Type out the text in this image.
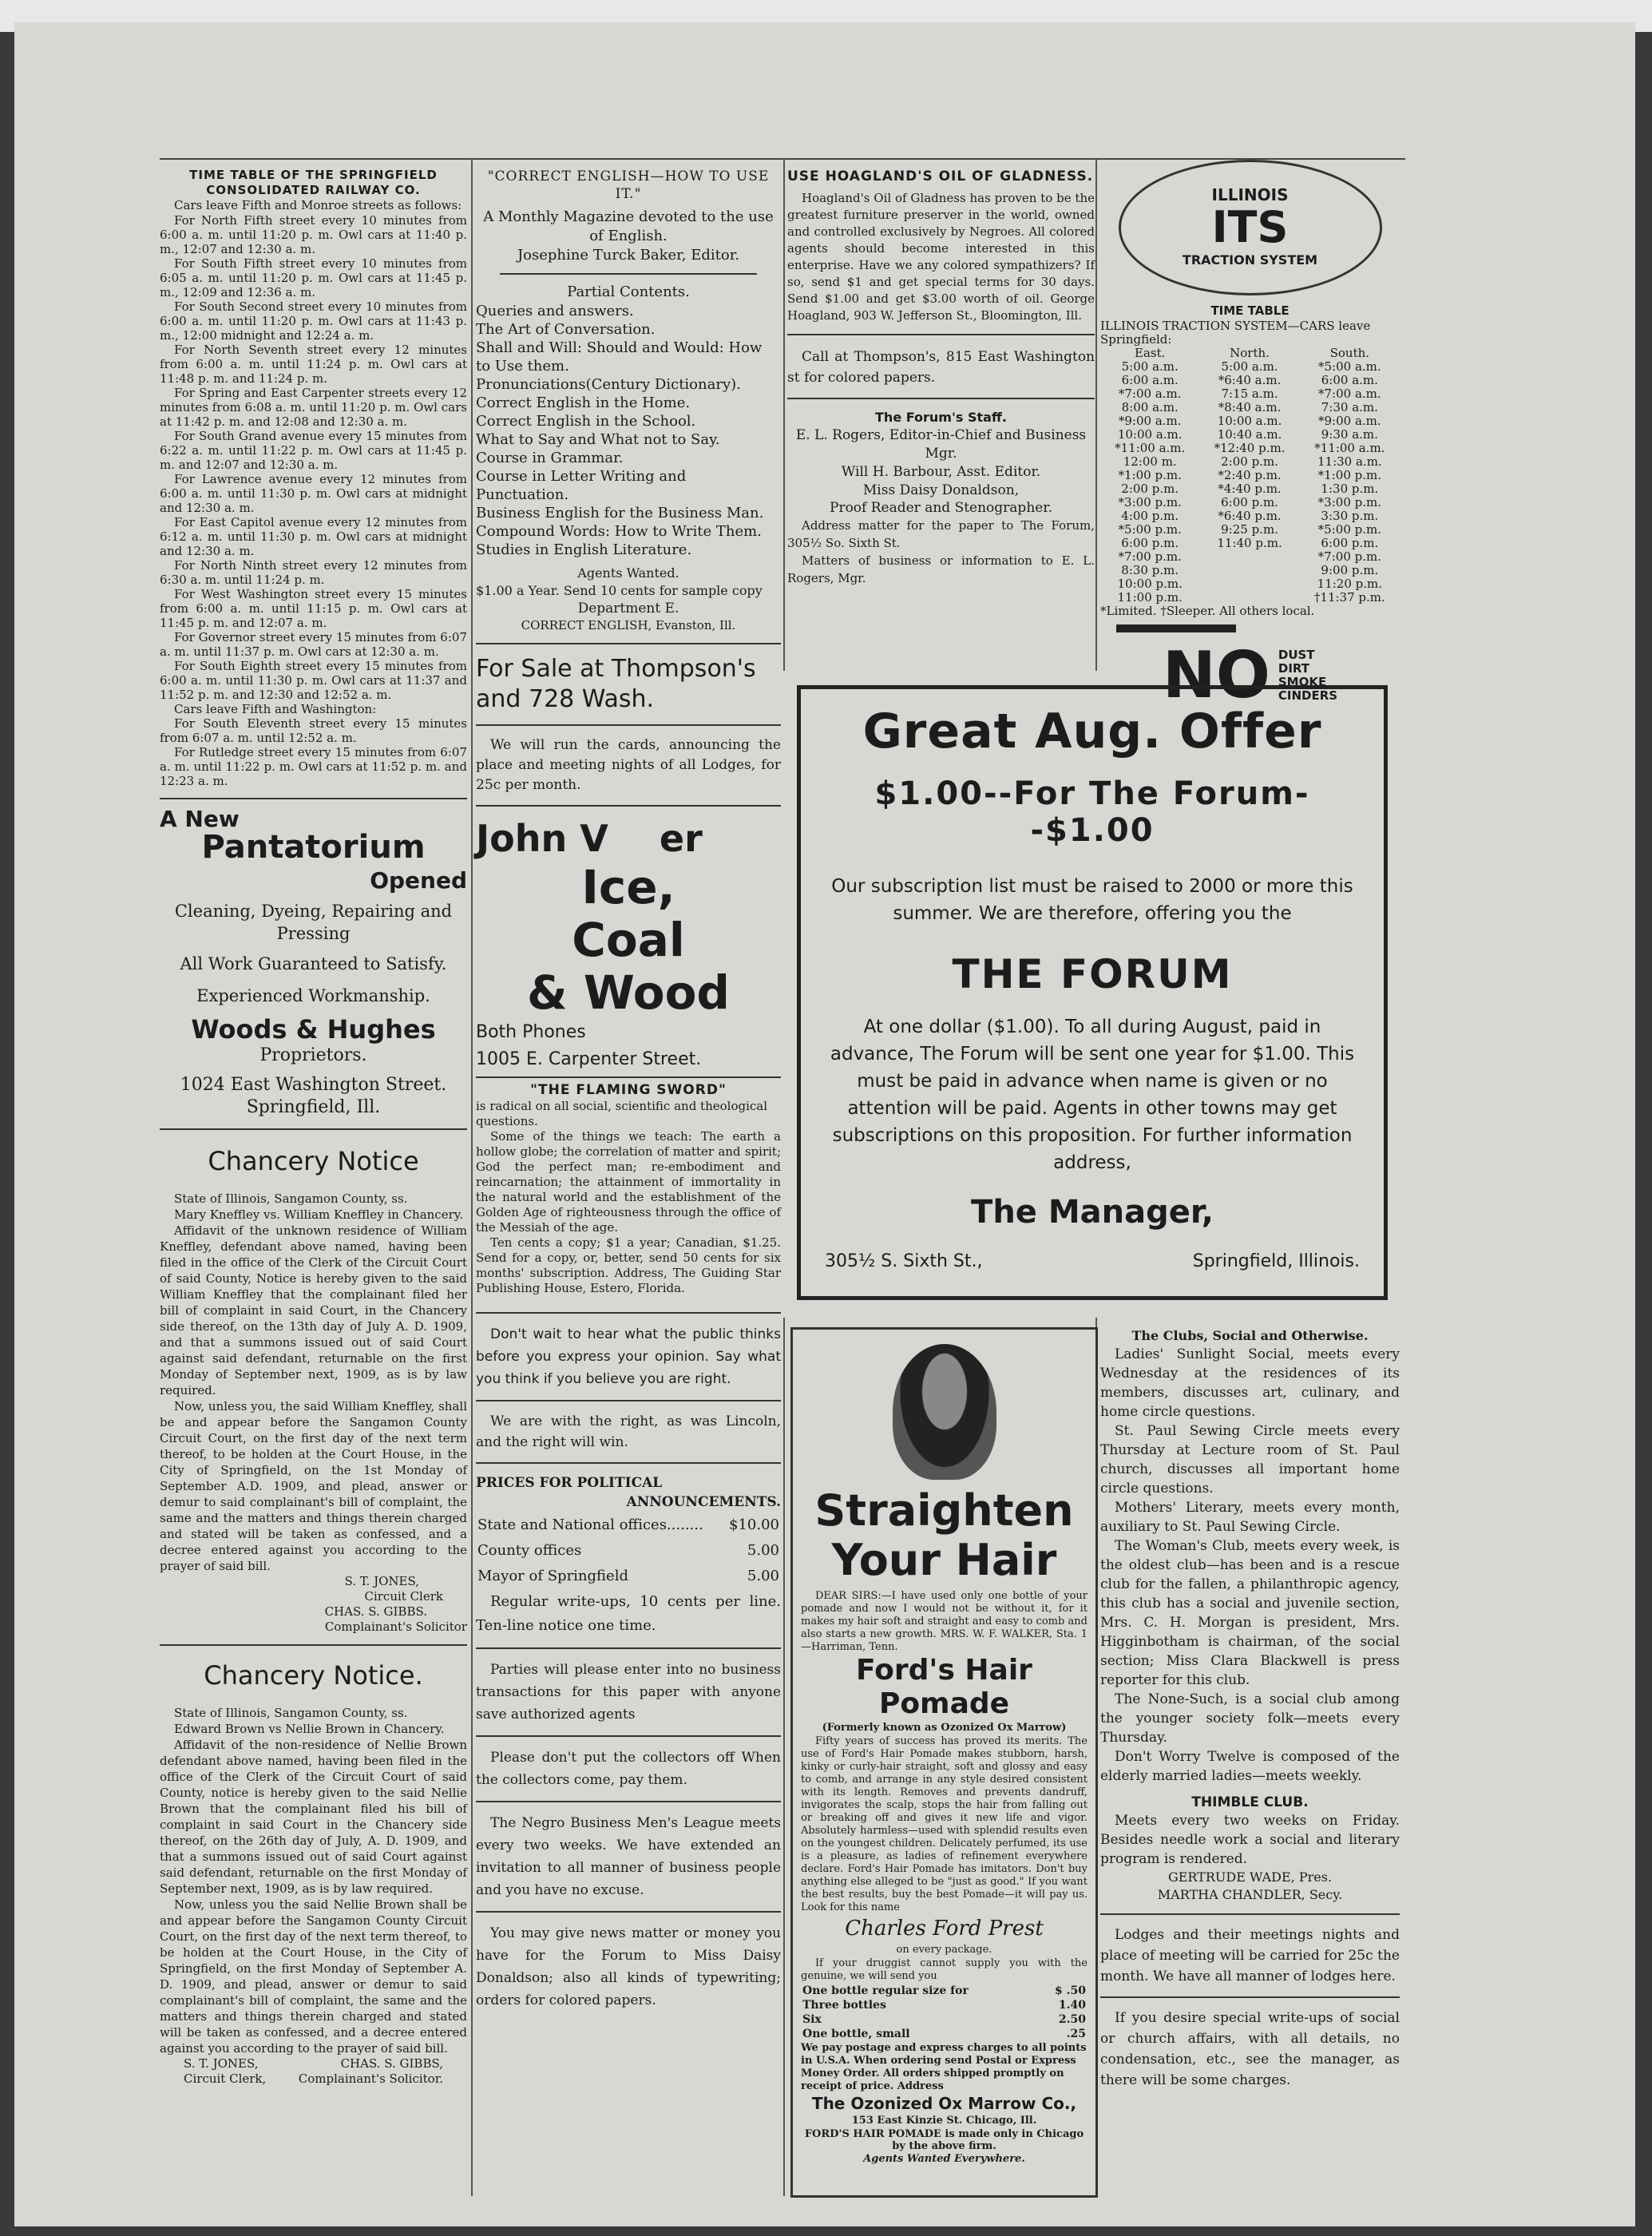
TIME TABLE OF THE SPRINGFIELD CONSOLIDATED RAILWAY CO.
Cars leave Fifth and Monroe streets as follows:
For North Fifth street every 10 minutes from 6:00 a. m. until 11:20 p. m. Owl cars at 11:40 p. m., 12:07 and 12:30 a. m.
For South Fifth street every 10 minutes from 6:05 a. m. until 11:20 p. m. Owl cars at 11:45 p. m., 12:09 and 12:36 a. m.
For South Second street every 10 minutes from 6:00 a. m. until 11:20 p. m. Owl cars at 11:43 p. m., 12:00 midnight and 12:24 a. m.
For North Seventh street every 12 minutes from 6:00 a. m. until 11:24 p. m. Owl cars at 11:48 p. m. and 11:24 p. m.
For Spring and East Carpenter streets every 12 minutes from 6:08 a. m. until 11:20 p. m. Owl cars at 11:42 p. m. and 12:08 and 12:30 a. m.
For South Grand avenue every 15 minutes from 6:22 a. m. until 11:22 p. m. Owl cars at 11:45 p. m. and 12:07 and 12:30 a. m.
For Lawrence avenue every 12 minutes from 6:00 a. m. until 11:30 p. m. Owl cars at midnight and 12:30 a. m.
For East Capitol avenue every 12 minutes from 6:12 a. m. until 11:30 p. m. Owl cars at midnight and 12:30 a. m.
For North Ninth street every 12 minutes from 6:30 a. m. until 11:24 p. m.
For West Washington street every 15 minutes from 6:00 a. m. until 11:15 p. m. Owl cars at 11:45 p. m. and 12:07 a. m.
For Governor street every 15 minutes from 6:07 a. m. until 11:37 p. m. Owl cars at 12:30 a. m.
For South Eighth street every 15 minutes from 6:00 a. m. until 11:30 p. m. Owl cars at 11:37 and 11:52 p. m. and 12:30 and 12:52 a. m.
Cars leave Fifth and Washington:
For South Eleventh street every 15 minutes from 6:07 a. m. until 12:52 a. m.
For Rutledge street every 15 minutes from 6:07 a. m. until 11:22 p. m. Owl cars at 11:52 p. m. and 12:23 a. m.
A New
Pantatorium
Opened
Cleaning, Dyeing, Repairing and Pressing
All Work Guaranteed to Satisfy.
Experienced Workmanship.
Woods & Hughes
Proprietors.
1024 East Washington Street.
Springfield, Ill.
Chancery Notice
State of Illinois, Sangamon County, ss.
Mary Kneffley vs. William Kneffley in Chancery.
Affidavit of the unknown residence of William Kneffley, defendant above named, having been filed in the office of the Clerk of the Circuit Court of said County, Notice is hereby given to the said William Kneffley that the complainant filed her bill of complaint in said Court, in the Chancery side thereof, on the 13th day of July A. D. 1909, and that a summons issued out of said Court against said defendant, returnable on the first Monday of September next, 1909, as is by law required.
Now, unless you, the said William Kneffley, shall be and appear before the Sangamon County Circuit Court, on the first day of the next term thereof, to be holden at the Court House, in the City of Springfield, on the 1st Monday of September A.D. 1909, and plead, answer or demur to said complainant's bill of complaint, the same and the matters and things therein charged and stated will be taken as confessed, and a decree entered against you according to the prayer of said bill.
S. T. JONES,
Circuit Clerk
CHAS. S. GIBBS.
Complainant's Solicitor
Chancery Notice.
State of Illinois, Sangamon County, ss.
Edward Brown vs Nellie Brown in Chancery.
Affidavit of the non-residence of Nellie Brown defendant above named, having been filed in the office of the Clerk of the Circuit Court of said County, notice is hereby given to the said Nellie Brown that the complainant filed his bill of complaint in said Court in the Chancery side thereof, on the 26th day of July, A. D. 1909, and that a summons issued out of said Court against said defendant, returnable on the first Monday of September next, 1909, as is by law required.
Now, unless you the said Nellie Brown shall be and appear before the Sangamon County Circuit Court, on the first day of the next term thereof, to be holden at the Court House, in the City of Springfield, on the first Monday of September A. D. 1909, and plead, answer or demur to said complainant's bill of complaint, the same and the matters and things therein charged and stated will be taken as confessed, and a decree entered against you according to the prayer of said bill.
S. T. JONES,	CHAS. S. GIBBS,
Circuit Clerk,	Complainant's Solicitor.
"CORRECT ENGLISH—HOW TO USE IT."
A Monthly Magazine devoted to the use of English.
Josephine Turck Baker, Editor.
Partial Contents.
Queries and answers.
The Art of Conversation.
Shall and Will: Should and Would: How to Use them.
Pronunciations(Century Dictionary).
Correct English in the Home.
Correct English in the School.
What to Say and What not to Say.
Course in Grammar.
Course in Letter Writing and Punctuation.
Business English for the Business Man.
Compound Words: How to Write Them.
Studies in English Literature.
Agents Wanted.
$1.00 a Year. Send 10 cents for sample copy
Department E.
CORRECT ENGLISH, Evanston, Ill.
For Sale at Thompson's and 728 Wash.
We will run the cards, announcing the place and meeting nights of all Lodges, for 25c per month.
John V    er
Ice,
Coal
& Wood
Both Phones
1005 E. Carpenter Street.
"THE FLAMING SWORD"
is radical on all social, scientific and theological questions.
Some of the things we teach: The earth a hollow globe; the correlation of matter and spirit; God the perfect man; re-embodiment and reincarnation; the attainment of immortality in the natural world and the establishment of the Golden Age of righteousness through the office of the Messiah of the age.
Ten cents a copy; $1 a year; Canadian, $1.25. Send for a copy, or, better, send 50 cents for six months' subscription. Address, The Guiding Star Publishing House, Estero, Florida.
Don't wait to hear what the public thinks before you express your opinion. Say what you think if you believe you are right.
We are with the right, as was Lincoln, and the right will win.
PRICES FOR POLITICAL
ANNOUNCEMENTS.
State and National offices........	$10.00
County offices	5.00
Mayor of Springfield	5.00
Regular write-ups, 10 cents per line. Ten-line notice one time.
Parties will please enter into no business transactions for this paper with anyone save authorized agents
Please don't put the collectors off When the collectors come, pay them.
The Negro Business Men's League meets every two weeks. We have extended an invitation to all manner of business people and you have no excuse.
You may give news matter or money you have for the Forum to Miss Daisy Donaldson; also all kinds of typewriting; orders for colored papers.
USE HOAGLAND'S OIL OF GLADNESS.
Hoagland's Oil of Gladness has proven to be the greatest furniture preserver in the world, owned and controlled exclusively by Negroes. All colored agents should become interested in this enterprise. Have we any colored sympathizers? If so, send $1 and get special terms for 30 days. Send $1.00 and get $3.00 worth of oil. George Hoagland, 903 W. Jefferson St., Bloomington, Ill.
Call at Thompson's, 815 East Washington st for colored papers.
The Forum's Staff.
E. L. Rogers, Editor-in-Chief and Business Mgr.
Will H. Barbour, Asst. Editor.
Miss Daisy Donaldson,
Proof Reader and Stenographer.
Address matter for the paper to The Forum, 305½ So. Sixth St.
Matters of business or information to E. L. Rogers, Mgr.
ILLINOIS
ITS
TRACTION SYSTEM
TIME TABLE
ILLINOIS TRACTION SYSTEM—CARS leave Springfield:
East.	North.	South.
5:00 a.m.	5:00 a.m.	*5:00 a.m.
6:00 a.m.	*6:40 a.m.	6:00 a.m.
*7:00 a.m.	7:15 a.m.	*7:00 a.m.
8:00 a.m.	*8:40 a.m.	7:30 a.m.
*9:00 a.m.	10:00 a.m.	*9:00 a.m.
10:00 a.m.	10:40 a.m.	9:30 a.m.
*11:00 a.m.	*12:40 p.m.	*11:00 a.m.
12:00 m.	2:00 p.m.	11:30 a.m.
*1:00 p.m.	*2:40 p.m.	*1:00 p.m.
2:00 p.m.	*4:40 p.m.	1:30 p.m.
*3:00 p.m.	6:00 p.m.	*3:00 p.m.
4:00 p.m.	*6:40 p.m.	3:30 p.m.
*5:00 p.m.	9:25 p.m.	*5:00 p.m.
6:00 p.m.	11:40 p.m.	6:00 p.m.
*7:00 p.m.		*7:00 p.m.
8:30 p.m.		9:00 p.m.
10:00 p.m.		11:20 p.m.
11:00 p.m.		†11:37 p.m.
*Limited. †Sleeper. All others local.
NO DUST
DIRT
SMOKE
CINDERS
Great Aug. Offer
$1.00--For The Forum--$1.00
Our subscription list must be raised to 2000 or more this summer. We are therefore, offering you the
THE FORUM
At one dollar ($1.00). To all during August, paid in advance, The Forum will be sent one year for $1.00. This must be paid in advance when name is given or no attention will be paid. Agents in other towns may get subscriptions on this proposition. For further information address,
The Manager,
305½ S. Sixth St.,	Springfield, Illinois.
Straighten
Your Hair
DEAR SIRS:—I have used only one bottle of your pomade and now I would not be without it, for it makes my hair soft and straight and easy to comb and also starts a new growth. MRS. W. F. WALKER, Sta. 1—Harriman, Tenn.
Ford's Hair
Pomade
(Formerly known as Ozonized Ox Marrow)
Fifty years of success has proved its merits. The use of Ford's Hair Pomade makes stubborn, harsh, kinky or curly-hair straight, soft and glossy and easy to comb, and arrange in any style desired consistent with its length. Removes and prevents dandruff, invigorates the scalp, stops the hair from falling out or breaking off and gives it new life and vigor. Absolutely harmless—used with splendid results even on the youngest children. Delicately perfumed, its use is a pleasure, as ladies of refinement everywhere declare. Ford's Hair Pomade has imitators. Don't buy anything else alleged to be "just as good." If you want the best results, buy the best Pomade—it will pay us. Look for this name
Charles Ford Prest
on every package.
If your druggist cannot supply you with the genuine, we will send you
One bottle regular size for	$ .50
Three bottles	1.40
Six	2.50
One bottle, small	.25
We pay postage and express charges to all points in U.S.A. When ordering send Postal or Express Money Order. All orders shipped promptly on receipt of price. Address
The Ozonized Ox Marrow Co.,
153 East Kinzie St. Chicago, Ill.
FORD'S HAIR POMADE is made only in Chicago by the above firm.
Agents Wanted Everywhere.
The Clubs, Social and Otherwise.
Ladies' Sunlight Social, meets every Wednesday at the residences of its members, discusses art, culinary, and home circle questions.
St. Paul Sewing Circle meets every Thursday at Lecture room of St. Paul church, discusses all important home circle questions.
Mothers' Literary, meets every month, auxiliary to St. Paul Sewing Circle.
The Woman's Club, meets every week, is the oldest club—has been and is a rescue club for the fallen, a philanthropic agency, this club has a social and juvenile section, Mrs. C. H. Morgan is president, Mrs. Higginbotham is chairman, of the social section; Miss Clara Blackwell is press reporter for this club.
The None-Such, is a social club among the younger society folk—meets every Thursday.
Don't Worry Twelve is composed of the elderly married ladies—meets weekly.
THIMBLE CLUB.
Meets every two weeks on Friday. Besides needle work a social and literary program is rendered.
GERTRUDE WADE, Pres.
MARTHA CHANDLER, Secy.
Lodges and their meetings nights and place of meeting will be carried for 25c the month. We have all manner of lodges here.
If you desire special write-ups of social or church affairs, with all details, no condensation, etc., see the manager, as there will be some charges.
